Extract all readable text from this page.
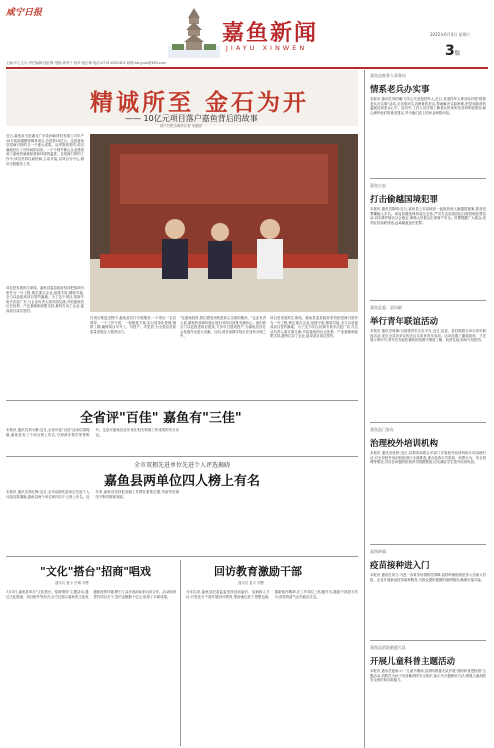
咸宁日报
嘉鱼新闻
JIAYU XINWEN
2022年6月4日 星期六
3版
主编:中心主办 责任编辑:饶红梅 组版:黄秀子 校对:饶红梅 电话:0715-6355302 邮箱:hb.jyxw@163.com
精诚所至 金石为开
—— 10亿元项目落户嘉鱼背后的故事
咸宁日报全媒体记者 吴丽丽
近日,嘉鱼县引进湖北广东泰润新材料有限公司年产10万吨高端精密铜材项目,总投资10亿元。这是嘉鱼县招商引资的又一个重大成果。从考察到签约,项目落地经历了长时间的洽谈。一个个细节都让企业感受到了嘉鱼的诚意和营商环境的温度。在招商引资的工作中,该县坚持以商招商,主动对接,以项目为中心,做好全程服务工作。
项目是发展的生命线。嘉鱼县委县政府坚持把招商引资作为一号工程,锁定重点企业,组建专班,精准对接,全力以赴促成项目签约落地。为了这个项目,招商专班多次赴广东,与企业负责人面对面交流,介绍嘉鱼的区位优势、产业基础和政策支持,最终打动了企业,促成项目成功签约。
在项目推进过程中,嘉鱼县实行专班服务,一个项目一名县领导、一个工作专班、一套推进方案,实行清单化管理,倒排工期,确保项目早开工、早投产、早见效,为全县经济高质量发展注入强劲动力。
"在嘉鱼投资,我们感受到的是真心实意的服务。"企业负责人说,嘉鱼的营商环境让他们对项目前景充满信心。他们将全力以赴推进项目建设,力争早日建成投产,为嘉鱼经济社会发展作出更大贡献。目前,项目前期手续正在加快办理之中。
项目是发展的生命线。嘉鱼县委县政府坚持把招商引资作为一号工程,锁定重点企业,组建专班,精准对接,全力以赴促成项目签约落地。为了这个项目,招商专班多次赴广东,与企业负责人面对面交流,介绍嘉鱼的区位优势、产业基础和政策支持,最终打动了企业,促成项目成功签约。
嘉鱼县税务人事务局
情系老兵办实事
本报讯 通讯员刘伯曦:为关心关爱退役军人,近日,县退役军人事务局开展"情系老兵办实事"活动,走访慰问生活困难的老兵,帮助解决实际困难,把党和政府的温暖送到老兵心中。活动中,工作人员详细了解老兵的身体状况和家庭情况,耐心倾听他们的意见建议,并为他们送上慰问金和慰问品。
嘉鱼公安
打击偷越国境犯罪
本报讯 通讯员陈明:近日,嘉鱼县公安局破获一起组织他人偷越国境案,抓获犯罪嫌疑人多名。该局将继续保持高压态势,严厉打击妨害国(边)境管理犯罪活动,切实维护辖区社会稳定,保障人民群众生命财产安全。民警提醒广大群众,切勿轻信高薪诱惑,远离偷渡违法犯罪。
嘉鱼县委、县妇联
举行青年联谊活动
本报讯 通讯员周琳:为搭建青年交友平台,近日,县委、县妇联联合举办青年联谊活动,来自全县各单位的近百名单身青年参加。活动设置了趣味游戏、才艺展示等环节,青年们在轻松愉快的氛围中增进了解、收获友谊,现场气氛热烈。
嘉鱼县门安办
治理校外培训机构
本报讯 通讯员张婷:近日,县教育局联合多部门开展校外培训机构专项治理行动,对全县校外培训机构进行全面排查,重点检查办学资质、收费行为、安全管理等情况,对存在问题的机构责令限期整改,切实减轻学生校外培训负担。
高铁岭镇
疫苗接种进入门
本报讯 通讯员刘力:为进一步筑牢疫情防控屏障,高铁岭镇组织医务人员深入村组、企业开展新冠疫苗接种服务,为群众提供便捷的接种服务,确保应接尽接。
嘉鱼县消防救援大队
开展儿童科普主题活动
本报讯 通讯员夏雨:六一儿童节期间,县消防救援大队开展"消防科普进校园"主题活动,消防员为孩子们讲解消防安全知识,演示灭火器使用方法,增强儿童消防安全意识和自救能力。
全省评"百佳" 嘉鱼有"三佳"
本报讯 通讯员刘小薇:近日,全省评选"百佳"活动结果揭晓,嘉鱼县有三个项目榜上有名,分别获评相关荣誉称号。这是对嘉鱼县近年来在相关领域工作成绩的充分肯定。
全市双拥先进单位先进个人评选揭晓
嘉鱼县两单位四人榜上有名
本报讯 通讯员刘红梅:近日,全市双拥先进单位先进个人评选结果揭晓,嘉鱼县两个单位和四名个人榜上有名。近年来,嘉鱼县坚持把双拥工作摆在重要位置,军政军民团结不断巩固和发展。
"文化"搭台"招商"唱戏
通讯员 夏平 任琳 刘鹭
7月3日,嘉鱼县举办"文化搭台、招商唱戏"主题活动,通过文化展演、项目推介等形式,全方位展示嘉鱼的文化底蕴和投资环境,吸引了众多客商前来洽谈合作。活动现场签约项目多个,签约金额数十亿元,取得了丰硕成果。
回访教育激励干部
通讯员 夏平 刘鹭
今年以来,嘉鱼县纪委监委坚持惩前毖后、治病救人方针,对受处分干部开展回访教育,帮助他们放下思想包袱,重新振作精神,在工作岗位上积极作为,激励干部担当作为,营造风清气正的政治生态。
